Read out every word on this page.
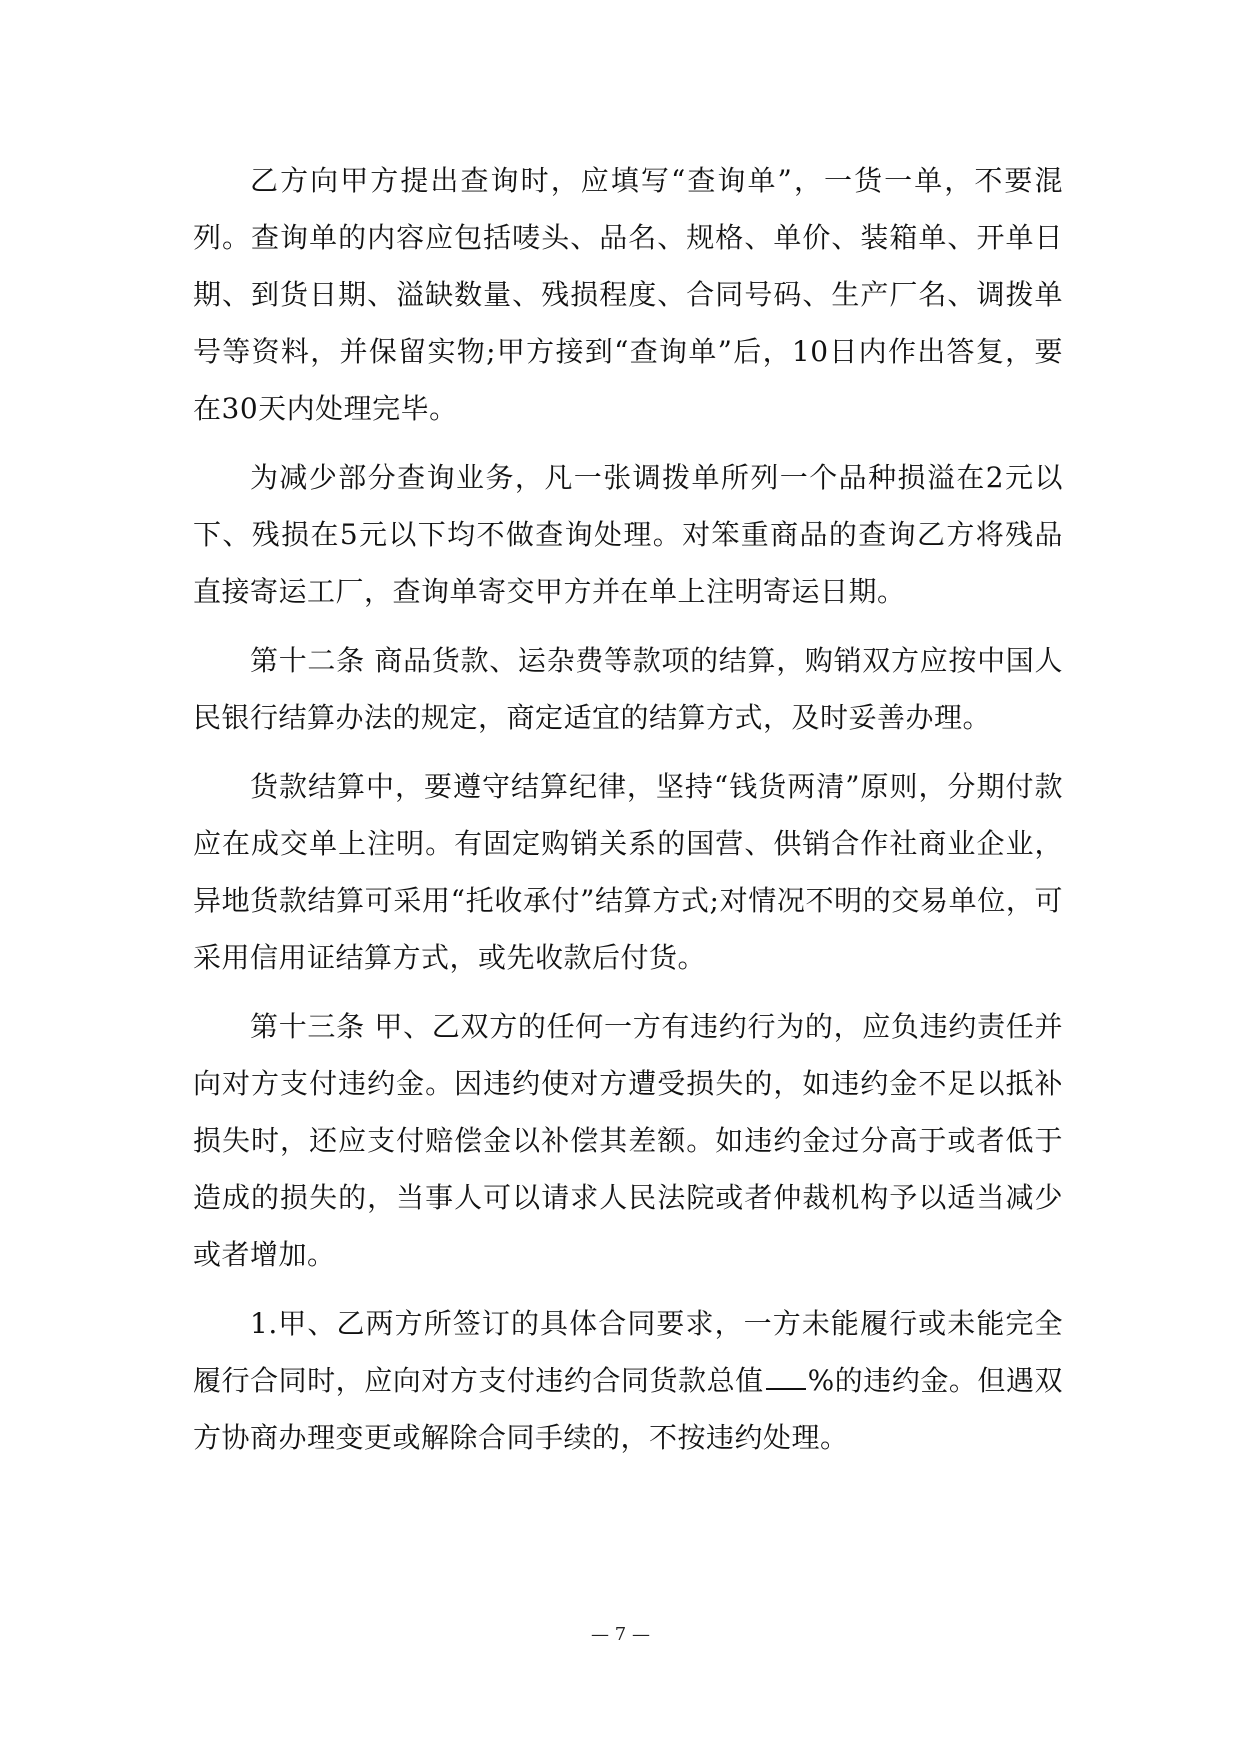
乙方向甲方提出查询时，应填写“查询单”，一货一单，不要混列。查询单的内容应包括唛头、品名、规格、单价、装箱单、开单日期、到货日期、溢缺数量、残损程度、合同号码、生产厂名、调拨单号等资料，并保留实物;甲方接到“查询单”后，10日内作出答复，要在30天内处理完毕。

为减少部分查询业务，凡一张调拨单所列一个品种损溢在2元以下、残损在5元以下均不做查询处理。对笨重商品的查询乙方将残品直接寄运工厂，查询单寄交甲方并在单上注明寄运日期。

第十二条 商品货款、运杂费等款项的结算，购销双方应按中国人民银行结算办法的规定，商定适宜的结算方式，及时妥善办理。

货款结算中，要遵守结算纪律，坚持“钱货两清”原则，分期付款应在成交单上注明。有固定购销关系的国营、供销合作社商业企业，异地货款结算可采用“托收承付”结算方式;对情况不明的交易单位，可采用信用证结算方式，或先收款后付货。

第十三条 甲、乙双方的任何一方有违约行为的，应负违约责任并向对方支付违约金。因违约使对方遭受损失的，如违约金不足以抵补损失时，还应支付赔偿金以补偿其差额。如违约金过分高于或者低于造成的损失的，当事人可以请求人民法院或者仲裁机构予以适当减少或者增加。

1.甲、乙两方所签订的具体合同要求，一方未能履行或未能完全履行合同时，应向对方支付违约合同货款总值 %的违约金。但遇双方协商办理变更或解除合同手续的，不按违约处理。

— 7 —
